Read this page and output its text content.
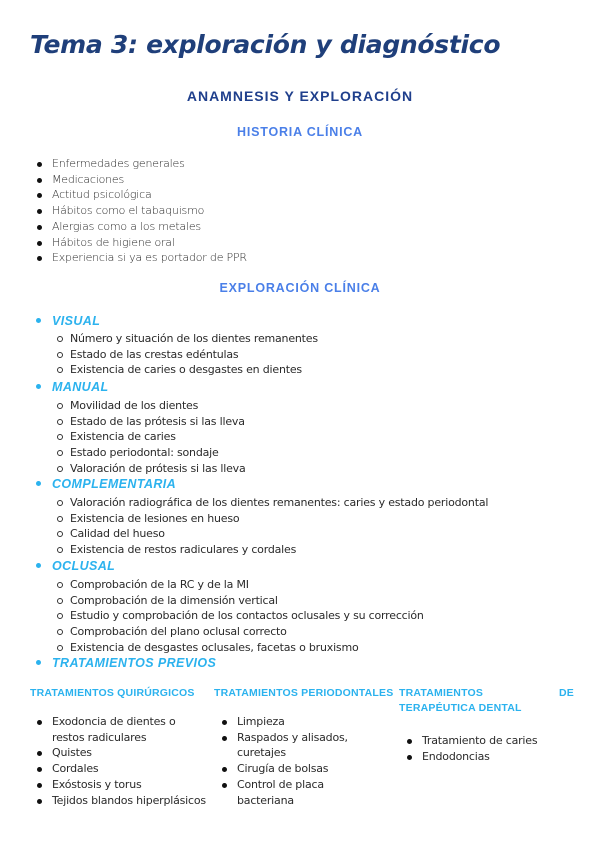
Tema 3: exploración y diagnóstico
ANAMNESIS Y EXPLORACIÓN
HISTORIA CLÍNICA
Enfermedades generales
Medicaciones
Actitud psicológica
Hábitos como el tabaquismo
Alergias como a los metales
Hábitos de higiene oral
Experiencia si ya es portador de PPR
EXPLORACIÓN CLÍNICA
VISUAL
Número y situación de los dientes remanentes
Estado de las crestas edéntulas
Existencia de caries o desgastes en dientes
MANUAL
Movilidad de los dientes
Estado de las prótesis si las lleva
Existencia de caries
Estado periodontal: sondaje
Valoración de prótesis si las lleva
COMPLEMENTARIA
Valoración radiográfica de los dientes remanentes: caries y estado periodontal
Existencia de lesiones en hueso
Calidad del hueso
Existencia de restos radiculares y cordales
OCLUSAL
Comprobación de la RC y de la MI
Comprobación de la dimensión vertical
Estudio y comprobación de los contactos oclusales y su corrección
Comprobación del plano oclusal correcto
Existencia de desgastes oclusales, facetas o bruxismo
TRATAMIENTOS PREVIOS
TRATAMIENTOS QUIRÚRGICOS
Exodoncia de dientes o restos radiculares
Quistes
Cordales
Exóstosis y torus
Tejidos blandos hiperplásicos
TRATAMIENTOS PERIODONTALES
Limpieza
Raspados y alisados, curetajes
Cirugía de bolsas
Control de placa bacteriana
TRATAMIENTOS	DE
TERAPÉUTICA DENTAL
Tratamiento de caries
Endodoncias
